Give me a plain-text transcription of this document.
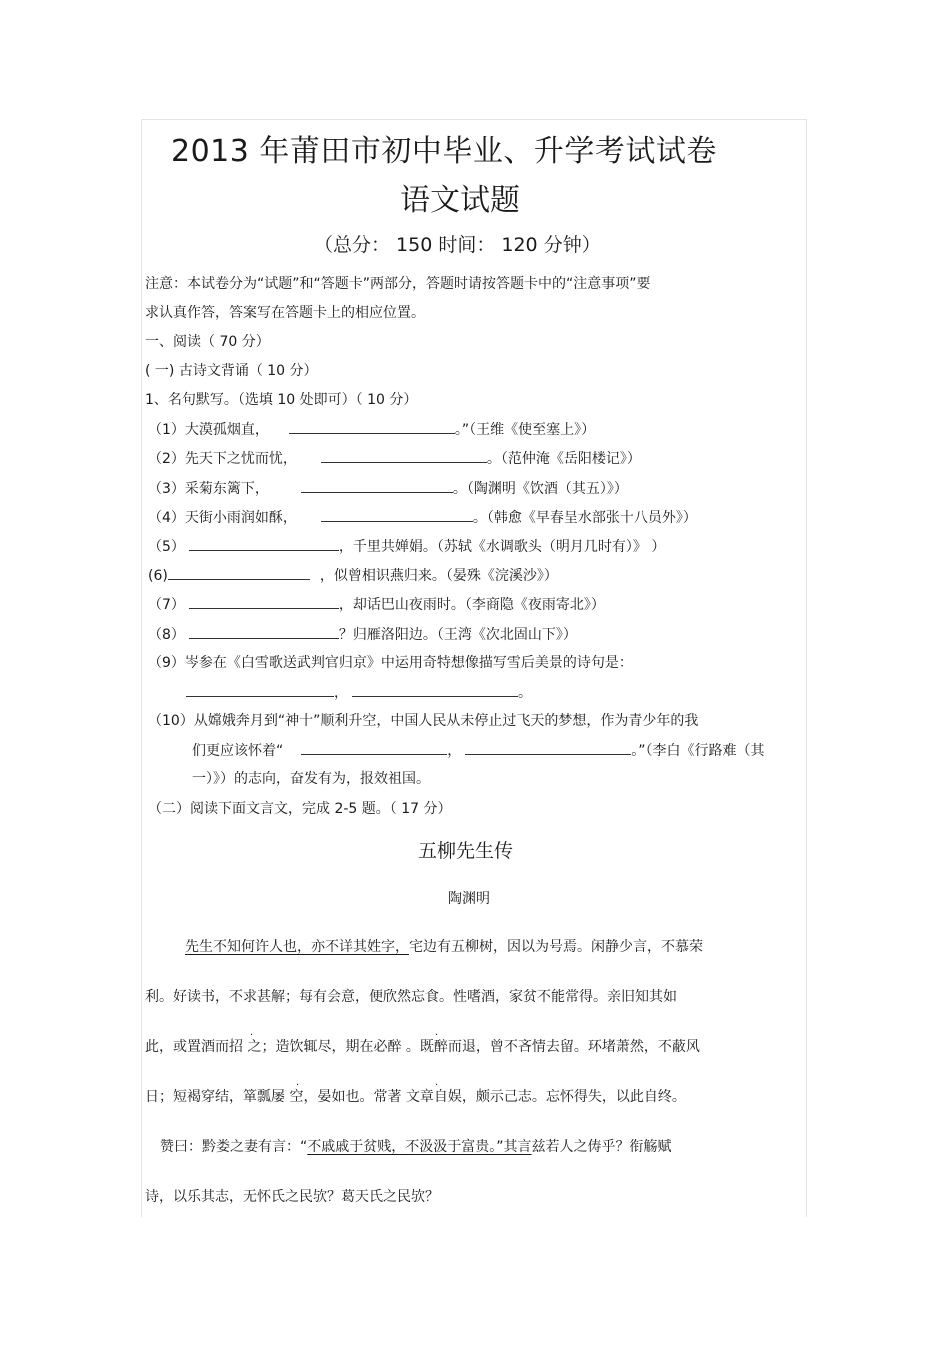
2013 年莆田市初中毕业、升学考试试卷
语文试题
（总分： 150 时间： 120 分钟）
注意：本试卷分为“试题”和“答题卡”两部分，答题时请按答题卡中的“注意事项”要
求认真作答，答案写在答题卡上的相应位置。
一、阅读（ 70 分）
( 一) 古诗文背诵（ 10 分）
1、名句默写。（选填 10 处即可）（ 10 分）
（1）大漠孤烟直，	。”（王维《使至塞上》）
（2）先天下之忧而忧，	。（范仲淹《岳阳楼记》）
（3）采菊东篱下，	。（陶渊明《饮酒（其五）》）
（4）天街小雨润如酥，	。（韩愈《早春呈水部张十八员外》）
（5）	，千里共婵娟。（苏轼《水调歌头（明月几时有）》 ）
(6)	，似曾相识燕归来。（晏殊《浣溪沙》）
（7）	，却话巴山夜雨时。（李商隐《夜雨寄北》）
（8）	？归雁洛阳边。（王湾《次北固山下》）
（9）岑参在《白雪歌送武判官归京》中运用奇特想像描写雪后美景的诗句是：
，	。
（10）从嫦娥奔月到“神十”顺利升空，中国人民从未停止过飞天的梦想，作为青少年的我
们更应该怀着“	，	。”（李白《行路难（其
一）》）的志向，奋发有为，报效祖国。
（二）阅读下面文言文，完成 2-5 题。（ 17 分）
五柳先生传
陶渊明
先生不知何许人也，亦不详其姓字，宅边有五柳树，因以为号焉。闲静少言，不慕荣
利。好读书，不求甚解；每有会意，便欣然忘食。性嗜酒，家贫不能常得。亲旧知其如
此，或置酒而招 之；造饮辄尽，期在必醉 。既醉而退，曾不吝情去留。环堵萧然，不蔽风
日；短褐穿结，箪瓢屡 空，晏如也。常著 文章自娱，颇示己志。忘怀得失，以此自终。
·	·
·	·
赞曰：黔娄之妻有言：“不戚戚于贫贱，不汲汲于富贵。”其言兹若人之俦乎？衔觞赋
诗，以乐其志，无怀氏之民欤？葛天氏之民欤？
